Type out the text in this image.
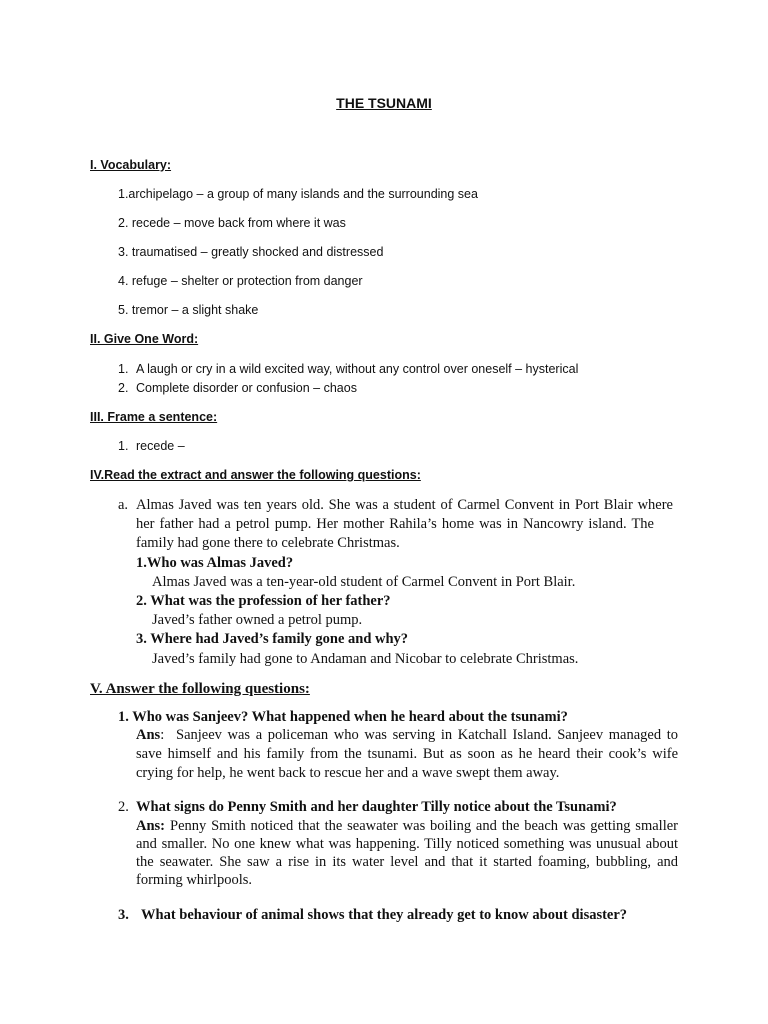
THE TSUNAMI
I. Vocabulary:
1.archipelago – a group of many islands and the surrounding sea
2. recede – move back from where it was
3. traumatised – greatly shocked and distressed
4. refuge – shelter or protection from danger
5. tremor – a slight shake
II. Give One Word:
1. A laugh or cry in a wild excited way, without any control over oneself – hysterical
2. Complete disorder or confusion – chaos
III. Frame a sentence:
1. recede –
IV.Read the extract and answer the following questions:
a. Almas Javed was ten years old. She was a student of Carmel Convent in Port Blair where
her father had a petrol pump. Her mother Rahila’s home was in Nancowry island. The
family had gone there to celebrate Christmas.
1.Who was Almas Javed?
Almas Javed was a ten-year-old student of Carmel Convent in Port Blair.
2. What was the profession of her father?
Javed’s father owned a petrol pump.
3. Where had Javed’s family gone and why?
Javed’s family had gone to Andaman and Nicobar to celebrate Christmas.
V. Answer the following questions:
1. Who was Sanjeev? What happened when he heard about the tsunami?
Ans: Sanjeev was a policeman who was serving in Katchall Island. Sanjeev managed to
save himself and his family from the tsunami. But as soon as he heard their cook’s wife
crying for help, he went back to rescue her and a wave swept them away.
2. What signs do Penny Smith and her daughter Tilly notice about the Tsunami?
Ans: Penny Smith noticed that the seawater was boiling and the beach was getting smaller
and smaller. No one knew what was happening. Tilly noticed something was unusual about
the seawater. She saw a rise in its water level and that it started foaming, bubbling, and
forming whirlpools.
3. What behaviour of animal shows that they already get to know about disaster?
